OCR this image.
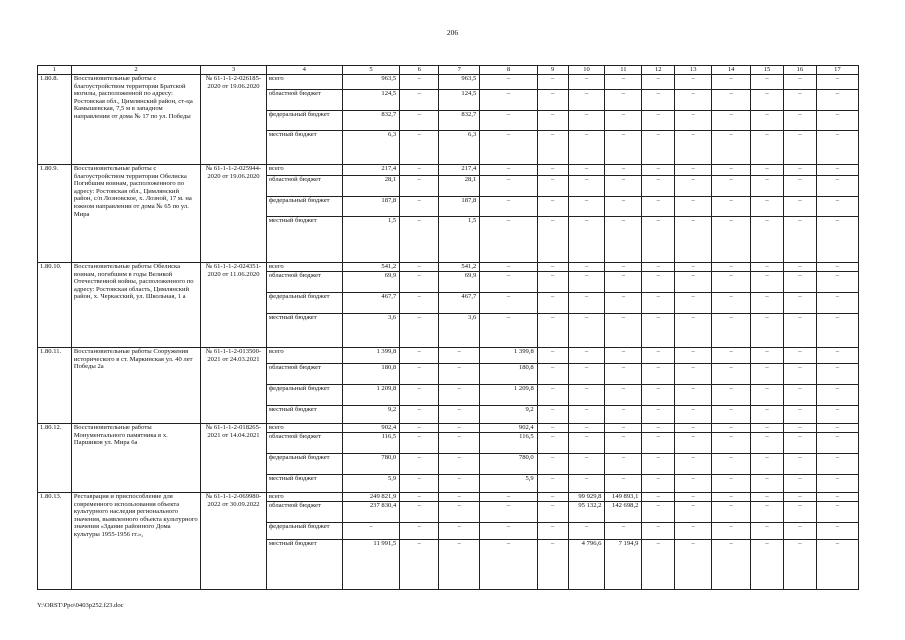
206
1	2	3	4	5	6	7	8	9	10	11	12	13	14	15	16	17
1.80.8.	Восстановительные работы с благоустройством территории Братской могилы, расположенной по адресу: Ростовская обл., Цимлянский район, ст-ца Камышевская, 7,5 м в западном направлении от дома № 17 по ул. Победы	№ 61-1-1-2-026185-2020 от 19.06.2020	всего	963,5	–	963,5	–	–	–	–	–	–	–	–	–	–
			областной бюджет	124,5	–	124,5	–	–	–	–	–	–	–	–	–	–
			федеральный бюджет	832,7	–	832,7	–	–	–	–	–	–	–	–	–	–
			местный бюджет	6,3	–	6,3	–	–	–	–	–	–	–	–	–	–
1.80.9.	Восстановительные работы с благоустройством территории Обелиска Погибшим воинам, расположенного по адресу: Ростовская обл., Цимлянский район, с/п Лозновское, х. Лозной, 17 м. на южном направлении от дома № 65 по ул. Мира	№ 61-1-1-2-025944-2020 от 19.06.2020	всего	217,4	–	217,4	–	–	–	–	–	–	–	–	–	–
			областной бюджет	28,1	–	28,1	–	–	–	–	–	–	–	–	–	–
			федеральный бюджет	187,8	–	187,8	–	–	–	–	–	–	–	–	–	–
			местный бюджет	1,5	–	1,5	–	–	–	–	–	–	–	–	–	–
1.80.10.	Восстановительные работы Обелиска воинам, погибшим в годы Великой Отечественной войны, расположенного по адресу: Ростовская область, Цимлянский район, х. Черкасский, ул. Школьная, 1 а	№ 61-1-1-2-024351-2020 от 11.06.2020	всего	541,2	–	541,2	–	–	–	–	–	–	–	–	–	–
			областной бюджет	69,9	–	69,9	–	–	–	–	–	–	–	–	–	–
			федеральный бюджет	467,7	–	467,7	–	–	–	–	–	–	–	–	–	–
			местный бюджет	3,6	–	3,6	–	–	–	–	–	–	–	–	–	–
1.80.11.	Восстановительные работы Сооружения исторического в ст. Маркинская ул. 40 лет Победы 2а	№ 61-1-1-2-013500-2021 от 24.03.2021	всего	1 399,8	–	–	1 399,8	–	–	–	–	–	–	–	–	–
			областной бюджет	180,8	–	–	180,8	–	–	–	–	–	–	–	–	–
			федеральный бюджет	1 209,8	–	–	1 209,8	–	–	–	–	–	–	–	–	–
			местный бюджет	9,2	–	–	9,2	–	–	–	–	–	–	–	–	–
1.80.12.	Восстановительные работы Монументального памятника в х. Паршиков ул. Мира 6а	№ 61-1-1-2-018265-2021 от 14.04.2021	всего	902,4	–	–	902,4	–	–	–	–	–	–	–	–	–
			областной бюджет	116,5	–	–	116,5	–	–	–	–	–	–	–	–	–
			федеральный бюджет	780,0	–	–	780,0	–	–	–	–	–	–	–	–	–
			местный бюджет	5,9	–	–	5,9	–	–	–	–	–	–	–	–	–
1.80.13.	Реставрация и приспособление для современного использования объекта культурного наследия регионального значения, выявленного объекта культурного значения «Здание районного Дома культуры 1955-1956 гг.»,	№ 61-1-1-2-069980-2022 от 30.09.2022	всего	249 821,9	–	–	–	–	99 929,8	149 893,1	–	–	–	–	–	–
			областной бюджет	237 830,4	–	–	–	–	95 132,2	142 698,2	–	–	–	–	–	–
			федеральный бюджет	–	–	–	–	–	–	–	–	–	–	–	–	–
			местный бюджет	11 991,5	–	–	–	–	4 796,6	7 194,9	–	–	–	–	–	–
Y:\ORST\Ppo\0403p252.f23.doc
